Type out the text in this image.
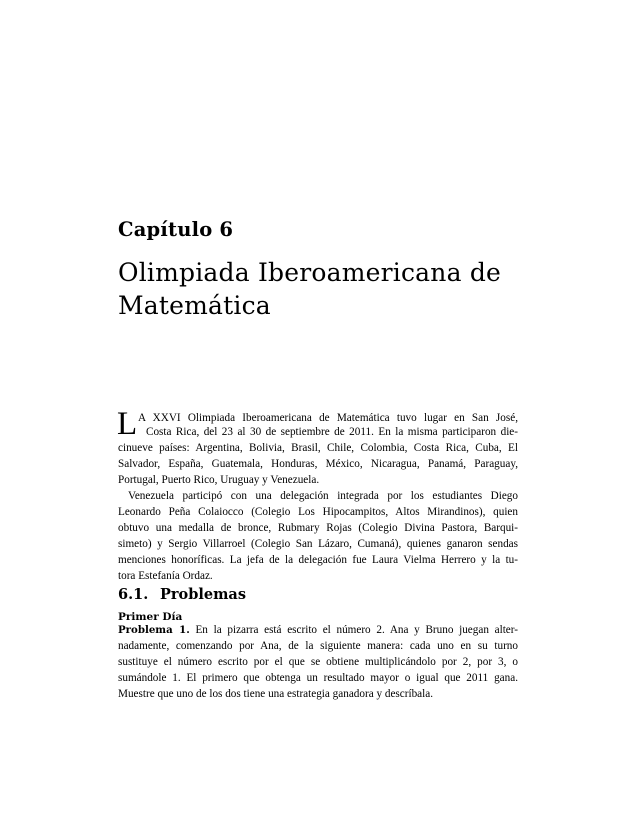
Capítulo 6
Olimpiada Iberoamericana de
Matemática
L A XXVI Olimpiada Iberoamericana de Matemática tuvo lugar en San José,
Costa Rica, del 23 al 30 de septiembre de 2011. En la misma participaron die-
cinueve países: Argentina, Bolivia, Brasil, Chile, Colombia, Costa Rica, Cuba, El
Salvador, España, Guatemala, Honduras, México, Nicaragua, Panamá, Paraguay,
Portugal, Puerto Rico, Uruguay y Venezuela.
Venezuela participó con una delegación integrada por los estudiantes Diego
Leonardo Peña Colaiocco (Colegio Los Hipocampitos, Altos Mirandinos), quien
obtuvo una medalla de bronce, Rubmary Rojas (Colegio Divina Pastora, Barqui-
simeto) y Sergio Villarroel (Colegio San Lázaro, Cumaná), quienes ganaron sendas
menciones honoríficas. La jefa de la delegación fue Laura Vielma Herrero y la tu-
6.1. Problemas
Primer Día
Problema 1. En la pizarra está escrito el número 2. Ana y Bruno juegan alter-
nadamente, comenzando por Ana, de la siguiente manera: cada uno en su turno
sustituye el número escrito por el que se obtiene multiplicándolo por 2, por 3, o
sumándole 1. El primero que obtenga un resultado mayor o igual que 2011 gana.
Muestre que uno de los dos tiene una estrategia ganadora y descríbala.
tora Estefanía Ordaz.
